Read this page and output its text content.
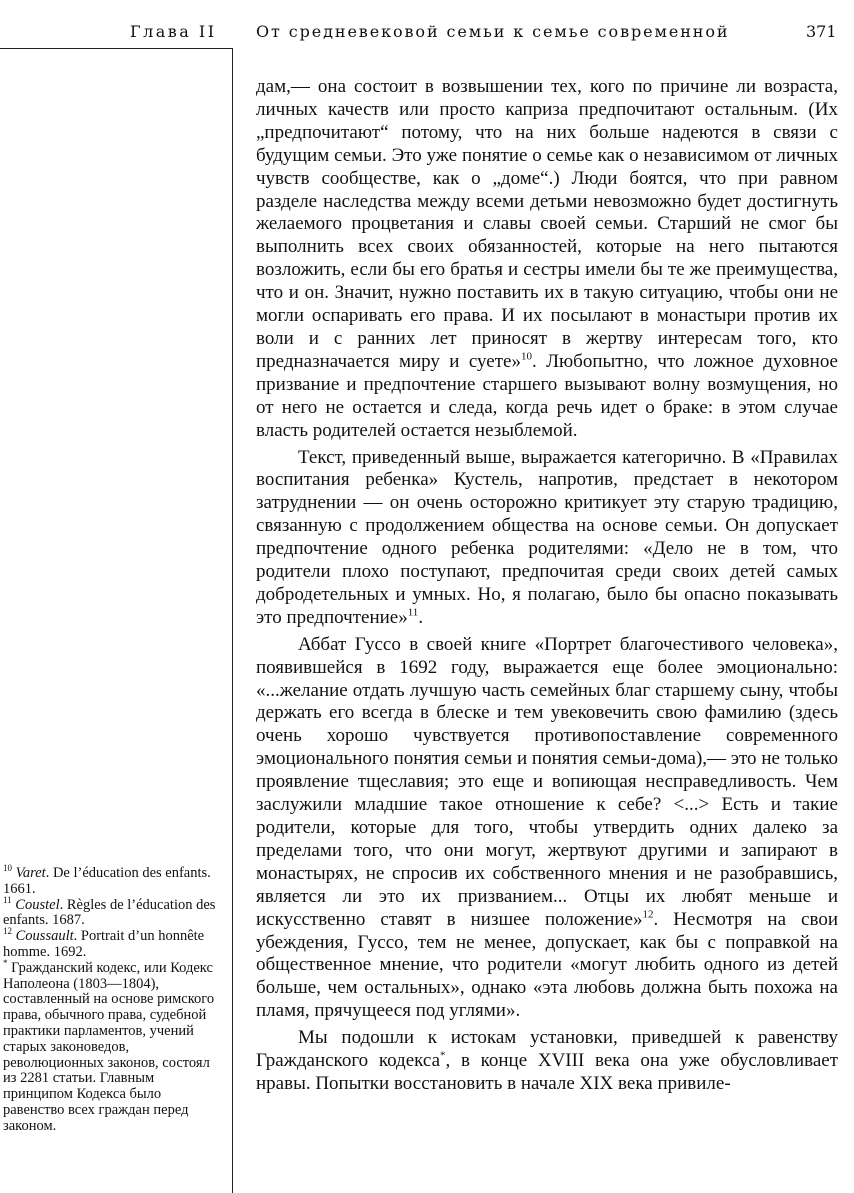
Глава II От средневековой семьи к семье современной	371

дам,— она состоит в возвышении тех, кого по причине ли возраста, личных качеств или просто каприза предпочитают остальным. (Их „предпочитают“ потому, что на них больше надеются в связи с будущим семьи. Это уже понятие о семье как о независимом от личных чувств сообществе, как о „доме“.) Люди боятся, что при равном разделе наследства между всеми детьми невозможно будет достигнуть желаемого процветания и славы своей семьи. Старший не смог бы выполнить всех своих обязанностей, которые на него пытаются возложить, если бы его братья и сестры имели бы те же преимущества, что и он. Значит, нужно поставить их в такую ситуацию, чтобы они не могли оспаривать его права. И их посылают в монастыри против их воли и с ранних лет приносят в жертву интересам того, кто предназначается миру и суете»$^{10}$. Любопытно, что ложное духовное призвание и предпочтение старшего вызывают волну возмущения, но от него не остается и следа, когда речь идет о браке: в этом случае власть родителей остается незыблемой.

Текст, приведенный выше, выражается категорично. В «Правилах воспитания ребенка» Кустель, напротив, предстает в некотором затруднении — он очень осторожно критикует эту старую традицию, связанную с продолжением общества на основе семьи. Он допускает предпочтение одного ребенка родителями: «Дело не в том, что родители плохо поступают, предпочитая среди своих детей самых добродетельных и умных. Но, я полагаю, было бы опасно показывать это предпочтение»$^{11}$.

Аббат Гуссо в своей книге «Портрет благочестивого человека», появившейся в 1692 году, выражается еще более эмоционально: «...желание отдать лучшую часть семейных благ старшему сыну, чтобы держать его всегда в блеске и тем увековечить свою фамилию (здесь очень хорошо чувствуется противопоставление современного эмоционального понятия семьи и понятия семьи-дома),— это не только проявление тщеславия; это еще и вопиющая несправедливость. Чем заслужили младшие такое отношение к себе? <...> Есть и такие родители, которые для того, чтобы утвердить одних далеко за пределами того, что они могут, жертвуют другими и запирают в монастырях, не спросив их собственного мнения и не разобравшись, является ли это их призванием... Отцы их любят меньше и искусственно ставят в низшее положение»$^{12}$. Несмотря на свои убеждения, Гуссо, тем не менее, допускает, как бы с поправкой на общественное мнение, что родители «могут любить одного из детей больше, чем остальных», однако «эта любовь должна быть похожа на пламя, прячущееся под углями».

Мы подошли к истокам установки, приведшей к равенству Гражданского кодекса*, в конце XVIII века она уже обусловливает нравы. Попытки восстановить в начале XIX века привиле-

$^{10}$ Varet. De l’éducation des enfants. 1661.

$^{11}$ Coustel. Règles de l’éducation des enfants. 1687.

$^{12}$ Coussault. Portrait d’un honnête homme. 1692.

* Гражданский кодекс, или Кодекс Наполеона (1803—1804), составленный на основе римского права, обычного права, судебной практики парламентов, учений старых законоведов, революционных законов, состоял из 2281 статьи. Главным принципом Кодекса было равенство всех граждан перед законом.
